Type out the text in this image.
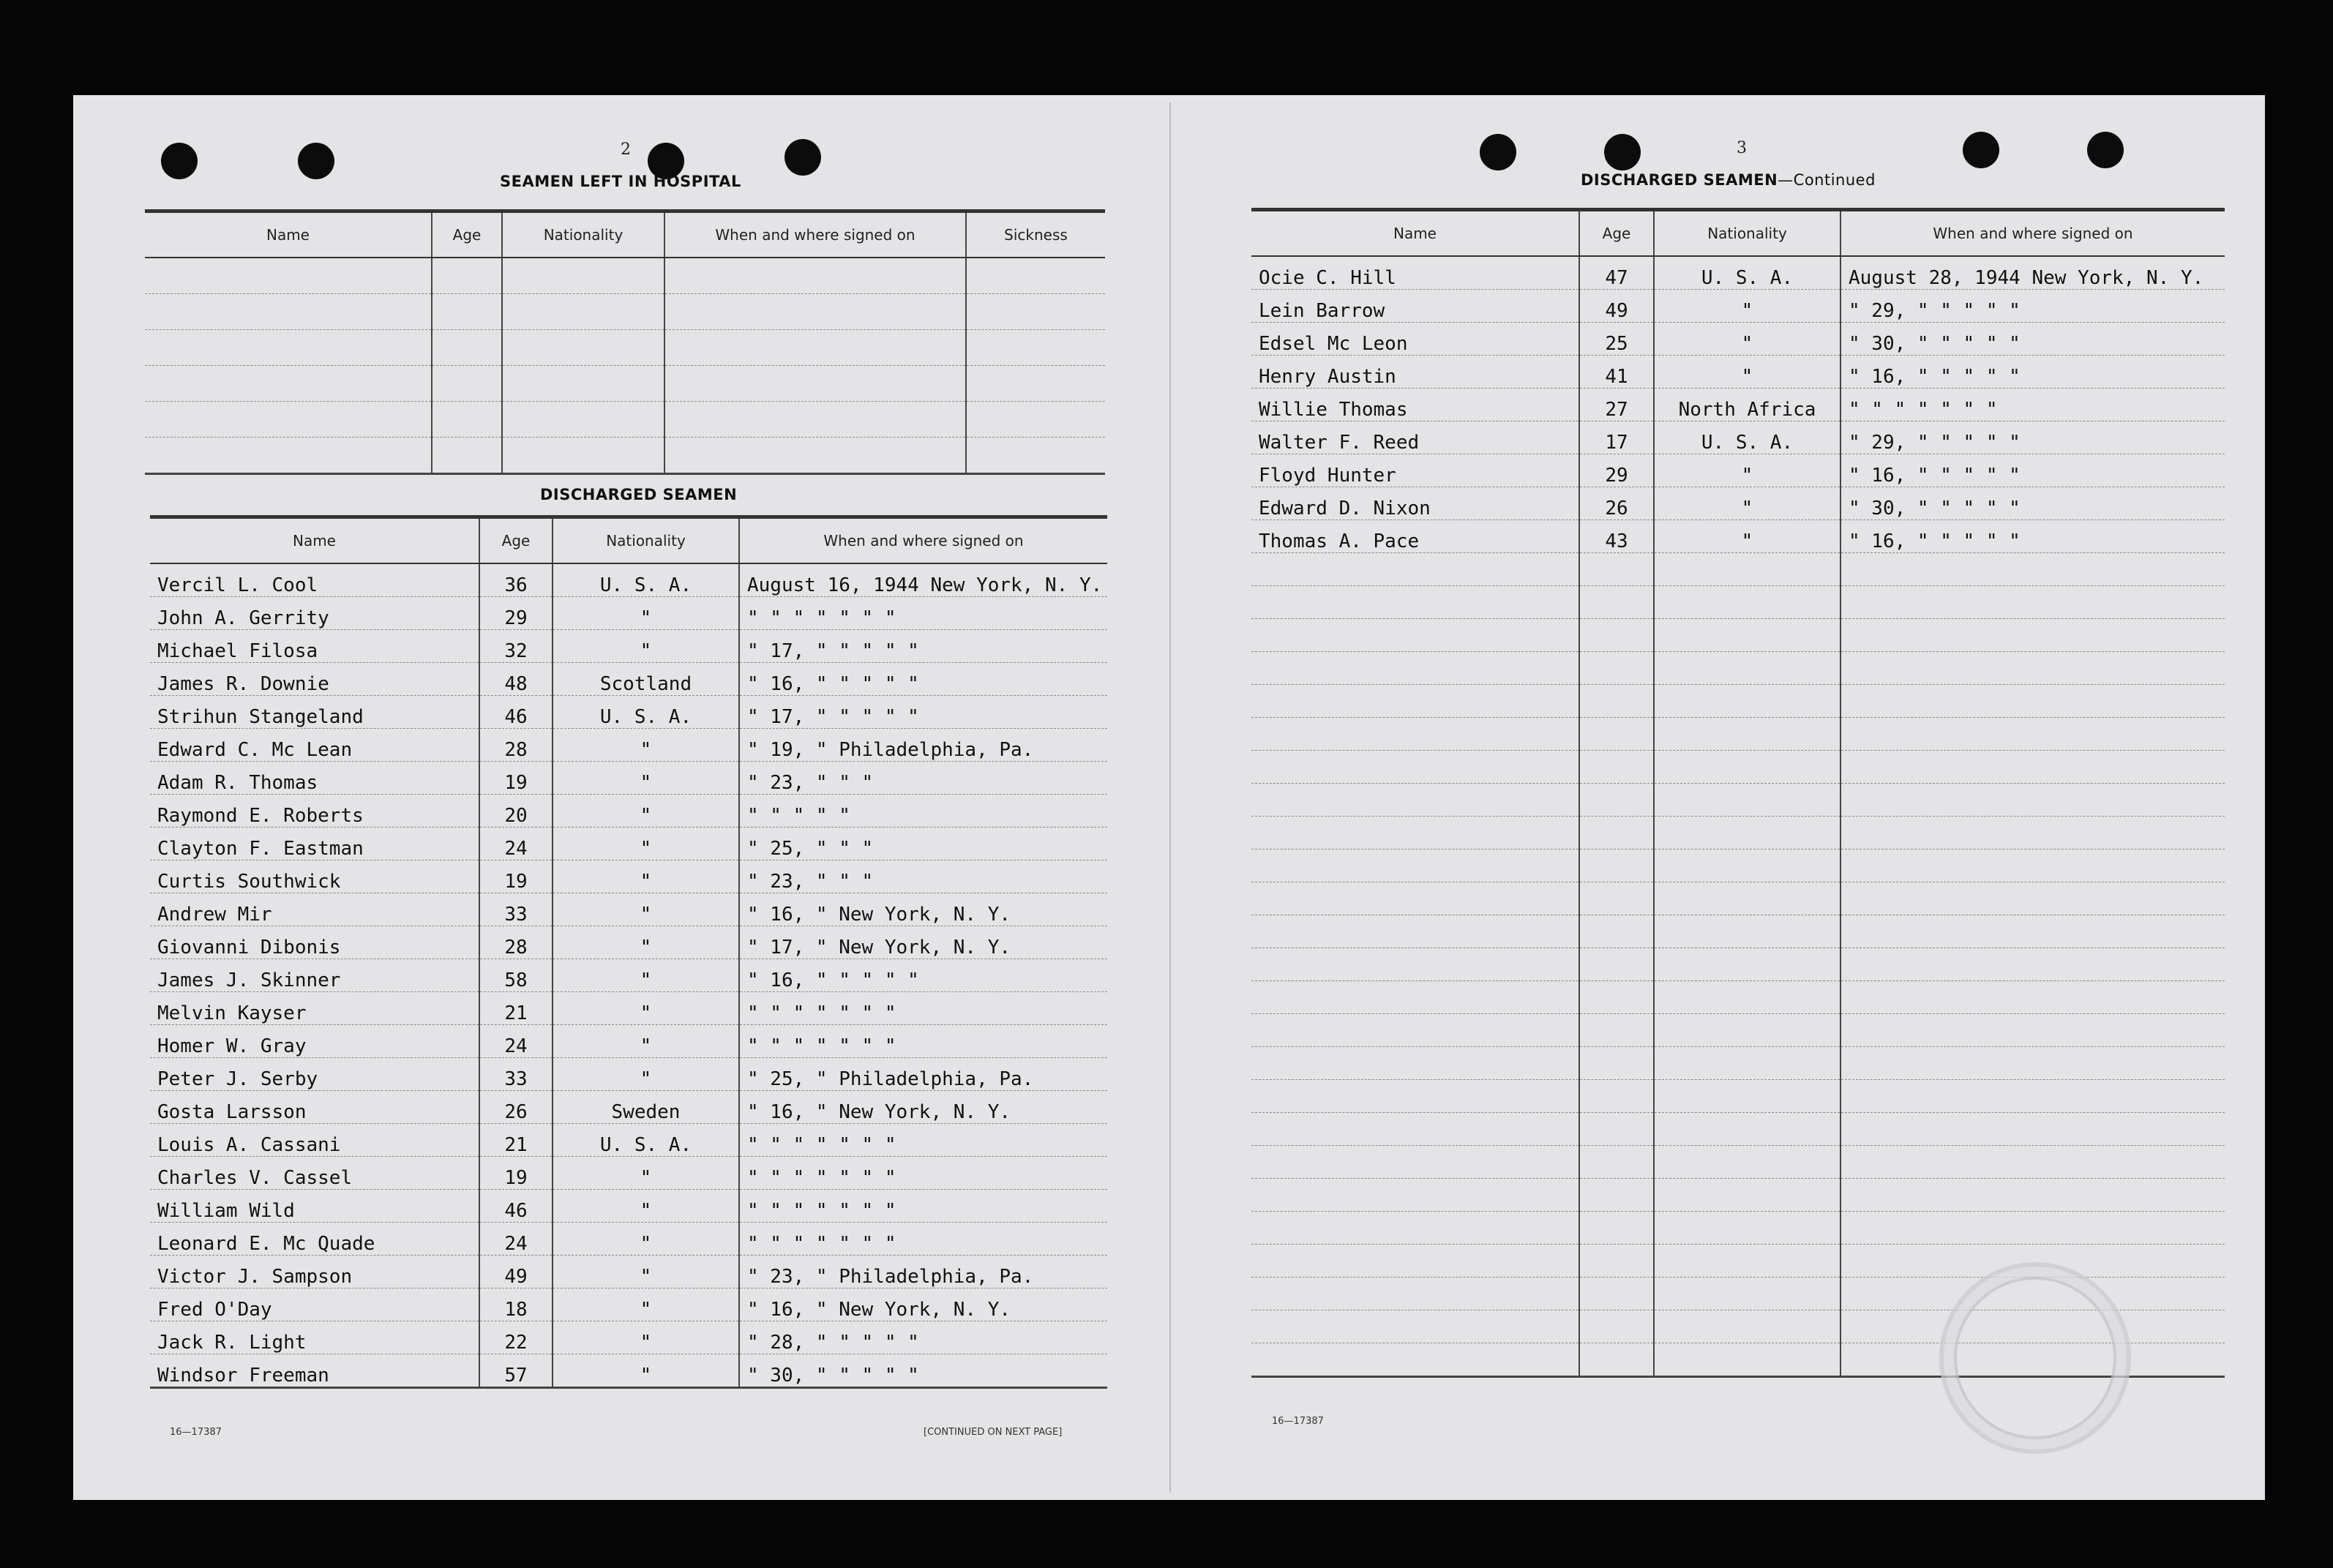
2
SEAMEN LEFT IN HOSPITAL
Name	Age	Nationality	When and where signed on	Sickness

DISCHARGED SEAMEN
Name	Age	Nationality	When and where signed on
Vercil L. Cool	36	U. S. A.	August 16, 1944 New York, N. Y.
John A. Gerrity	29	"	" " " " " " "
Michael Filosa	32	"	" 17, " " " " "
James R. Downie	48	Scotland	" 16, " " " " "
Strihun Stangeland	46	U. S. A.	" 17, " " " " "
Edward C. Mc Lean	28	"	" 19, " Philadelphia, Pa.
Adam R. Thomas	19	"	" 23, " " "
Raymond E. Roberts	20	"	" " " " "
Clayton F. Eastman	24	"	" 25, " " "
Curtis Southwick	19	"	" 23, " " "
Andrew Mir	33	"	" 16, " New York, N. Y.
Giovanni Dibonis	28	"	" 17, " New York, N. Y.
James J. Skinner	58	"	" 16, " " " " "
Melvin Kayser	21	"	" " " " " " "
Homer W. Gray	24	"	" " " " " " "
Peter J. Serby	33	"	" 25, " Philadelphia, Pa.
Gosta Larsson	26	Sweden	" 16, " New York, N. Y.
Louis A. Cassani	21	U. S. A.	" " " " " " "
Charles V. Cassel	19	"	" " " " " " "
William Wild	46	"	" " " " " " "
Leonard E. Mc Quade	24	"	" " " " " " "
Victor J. Sampson	49	"	" 23, " Philadelphia, Pa.
Fred O'Day	18	"	" 16, " New York, N. Y.
Jack R. Light	22	"	" 28, " " " " "
Windsor Freeman	57	"	" 30, " " " " "
16—17387	[CONTINUED ON NEXT PAGE]
3
DISCHARGED SEAMEN—Continued
Name	Age	Nationality	When and where signed on
Ocie C. Hill	47	U. S. A.	August 28, 1944 New York, N. Y.
Lein Barrow	49	"	" 29, " " " " "
Edsel Mc Leon	25	"	" 30, " " " " "
Henry Austin	41	"	" 16, " " " " "
Willie Thomas	27	North Africa	" " " " " " "
Walter F. Reed	17	U. S. A.	" 29, " " " " "
Floyd Hunter	29	"	" 16, " " " " "
Edward D. Nixon	26	"	" 30, " " " " "
Thomas A. Pace	43	"	" 16, " " " " "

16—17387
